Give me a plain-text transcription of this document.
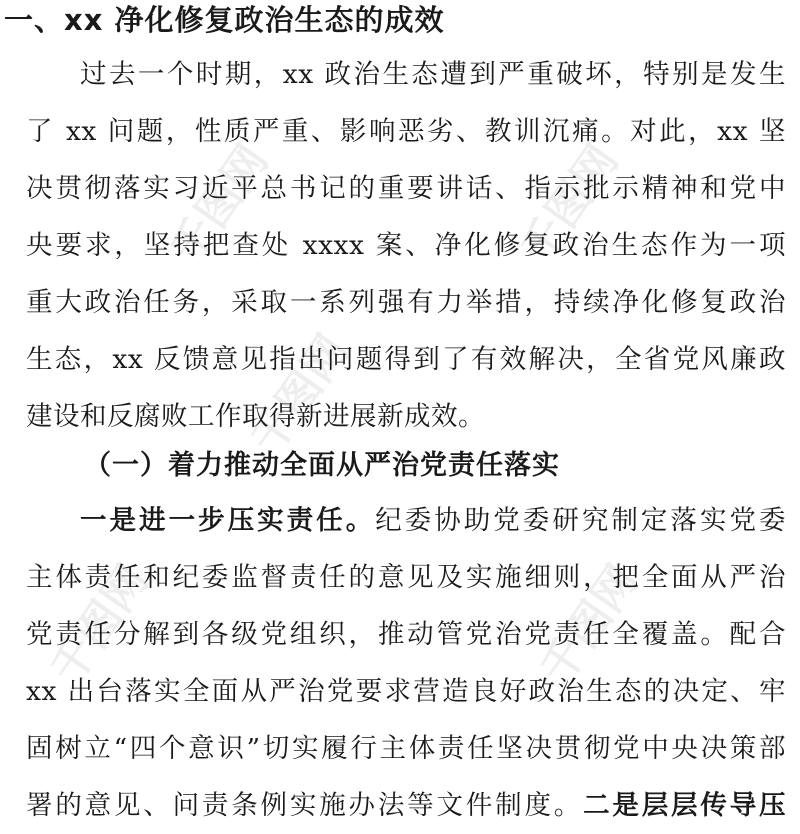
千图网	千图网
千图网
千图网	千图网
一、xx 净化修复政治生态的成效
过去一个时期，xx 政治生态遭到严重破坏，特别是发生
了 xx 问题，性质严重、影响恶劣、教训沉痛。对此，xx 坚
决贯彻落实习近平总书记的重要讲话、指示批示精神和党中
央要求，坚持把查处 xxxx 案、净化修复政治生态作为一项
重大政治任务，采取一系列强有力举措，持续净化修复政治
生态，xx 反馈意见指出问题得到了有效解决，全省党风廉政
建设和反腐败工作取得新进展新成效。
（一）着力推动全面从严治党责任落实
一是进一步压实责任。纪委协助党委研究制定落实党委
主体责任和纪委监督责任的意见及实施细则，把全面从严治
党责任分解到各级党组织，推动管党治党责任全覆盖。配合
xx 出台落实全面从严治党要求营造良好政治生态的决定、牢
固树立“四个意识”切实履行主体责任坚决贯彻党中央决策部
署的意见、问责条例实施办法等文件制度。二是层层传导压
